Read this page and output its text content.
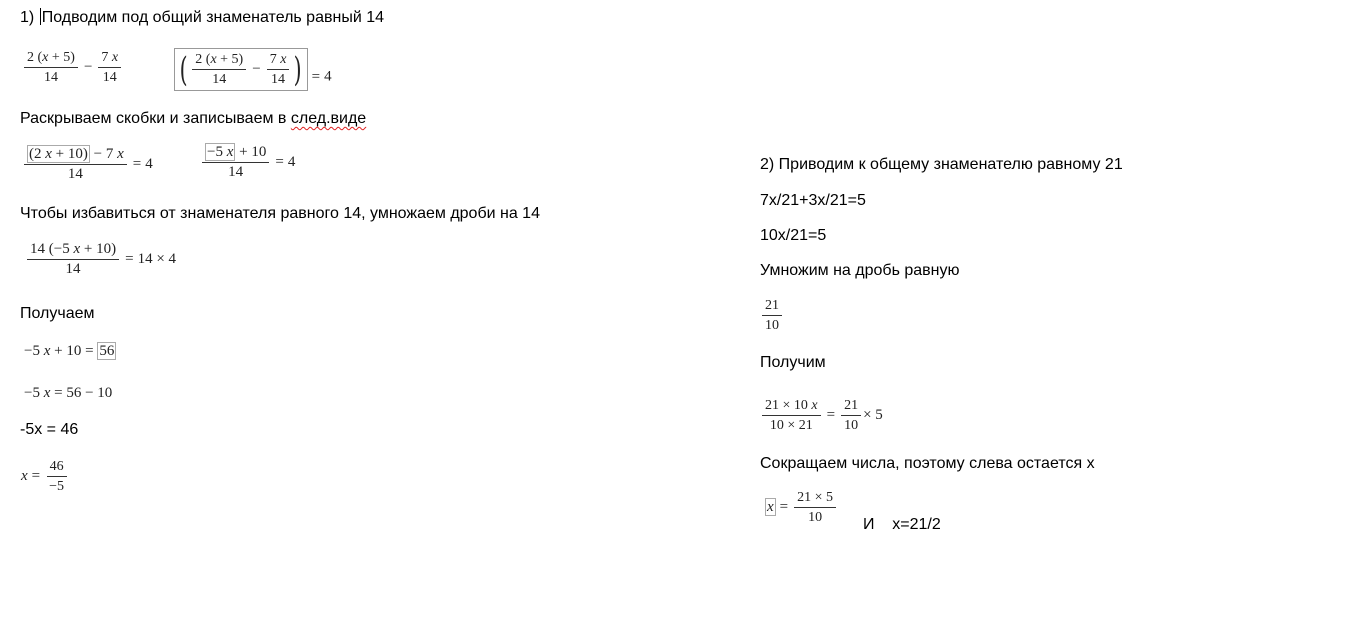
1) Подводим под общий знаменатель равный 14
$\frac{2 (x + 5)}{14} - \frac{7 x}{14}$ ( $\frac{2 (x + 5)}{14} - \frac{7 x}{14}$ ) = 4
Раскрываем скобки и записываем в след.виде
$\frac{(2 x + 10) - 7 x}{14} = 4$	$\frac{-5 x + 10}{14} = 4$
Чтобы избавиться от знаменателя равного 14, умножаем дроби на 14
$\frac{14 (-5 x + 10)}{14} = 14 \times 4$
Получаем
−5 x + 10 = 56
−5 x = 56 − 10
-5x = 46
$x = \frac{46}{-5}$
2) Приводим к общему знаменателю равному 21
7x/21+3x/21=5
10x/21=5
Умножим на дробь равную
$\frac{21}{10}$
Получим
$\frac{21 \times 10 x}{10 \times 21} = \frac{21}{10} \times 5$
Сокращаем числа, поэтому слева остается х
$x = \frac{21 \times 5}{10}$ И x=21/2
